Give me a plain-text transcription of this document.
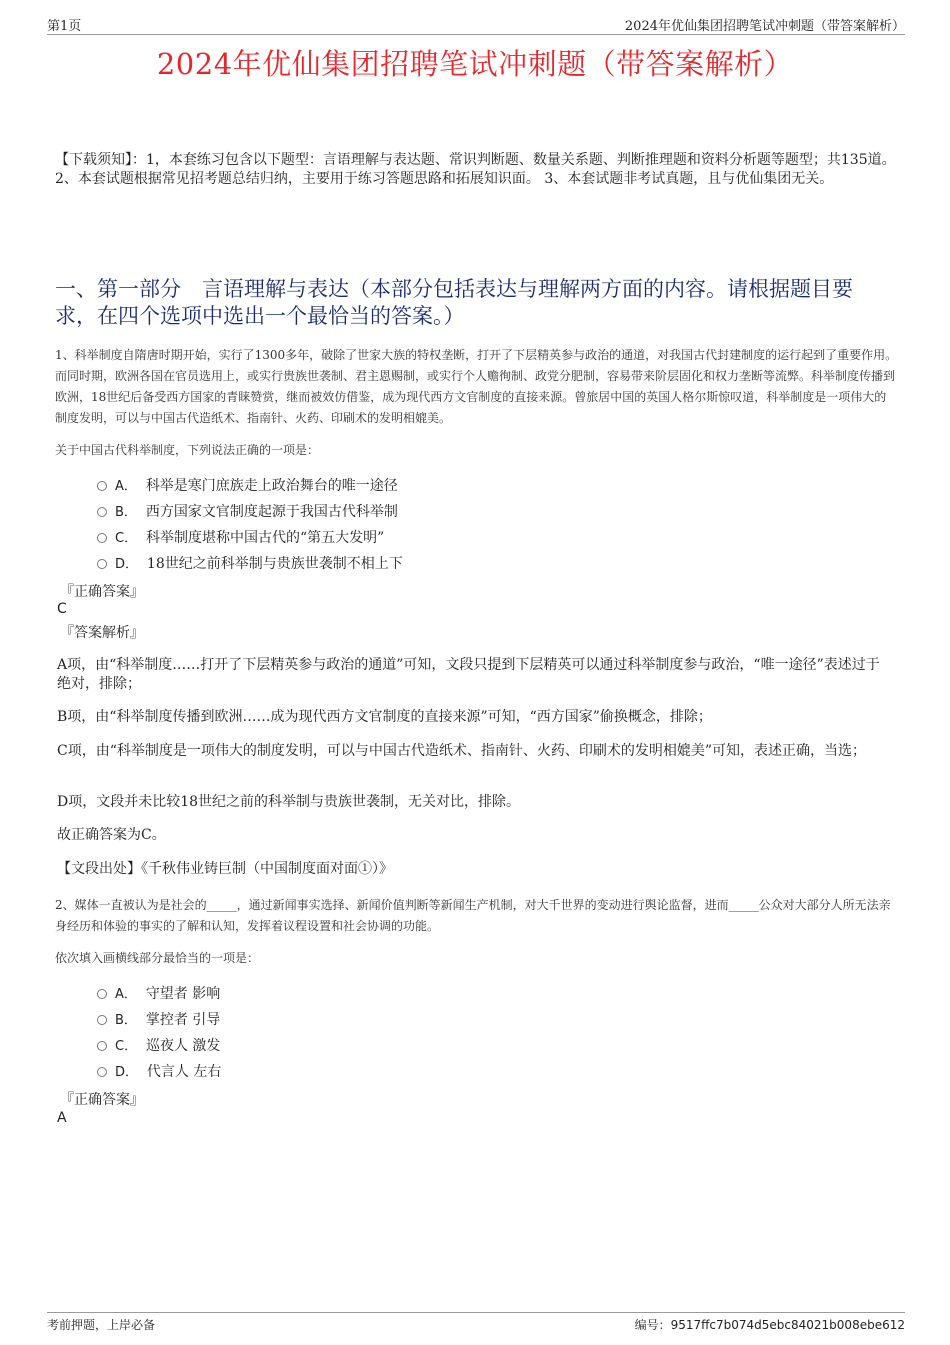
第1页	2024年优仙集团招聘笔试冲刺题（带答案解析）
2024年优仙集团招聘笔试冲刺题（带答案解析）
【下载须知】：1，本套练习包含以下题型：言语理解与表达题、常识判断题、数量关系题、判断推理题和资料分析题等题型；共135道。 2、本套试题根据常见招考题总结归纳，主要用于练习答题思路和拓展知识面。 3、本套试题非考试真题，且与优仙集团无关。
一、第一部分　言语理解与表达（本部分包括表达与理解两方面的内容。请根据题目要求，在四个选项中选出一个最恰当的答案。）
1、科举制度自隋唐时期开始，实行了1300多年，破除了世家大族的特权垄断，打开了下层精英参与政治的通道，对我国古代封建制度的运行起到了重要作用。而同时期，欧洲各国在官员选用上，或实行贵族世袭制、君主恩赐制，或实行个人赡徇制、政党分肥制，容易带来阶层固化和权力垄断等流弊。科举制度传播到欧洲，18世纪后备受西方国家的青睐赞赏，继而被效仿借鉴，成为现代西方文官制度的直接来源。曾旅居中国的英国人格尔斯惊叹道，科举制度是一项伟大的制度发明，可以与中国古代造纸术、指南针、火药、印刷术的发明相媲美。
关于中国古代科举制度，下列说法正确的一项是：
A． 科举是寒门庶族走上政治舞台的唯一途径
B． 西方国家文官制度起源于我国古代科举制
C． 科举制度堪称中国古代的“第五大发明”
D． 18世纪之前科举制与贵族世袭制不相上下
『正确答案』
C
『答案解析』
A项，由“科举制度……打开了下层精英参与政治的通道”可知，文段只提到下层精英可以通过科举制度参与政治，“唯一途径”表述过于绝对，排除；
B项，由“科举制度传播到欧洲……成为现代西方文官制度的直接来源”可知，“西方国家”偷换概念，排除；
C项，由“科举制度是一项伟大的制度发明，可以与中国古代造纸术、指南针、火药、印刷术的发明相媲美”可知，表述正确，当选；
D项，文段并未比较18世纪之前的科举制与贵族世袭制，无关对比，排除。
故正确答案为C。
【文段出处】《千秋伟业铸巨制（中国制度面对面①）》
2、媒体一直被认为是社会的_____，通过新闻事实选择、新闻价值判断等新闻生产机制，对大千世界的变动进行舆论监督，进而_____公众对大部分人所无法亲身经历和体验的事实的了解和认知，发挥着议程设置和社会协调的功能。
依次填入画横线部分最恰当的一项是：
A． 守望者 影响
B． 掌控者 引导
C． 巡夜人 激发
D． 代言人 左右
『正确答案』
A
考前押题，上岸必备	编号：9517ffc7b074d5ebc84021b008ebe612
